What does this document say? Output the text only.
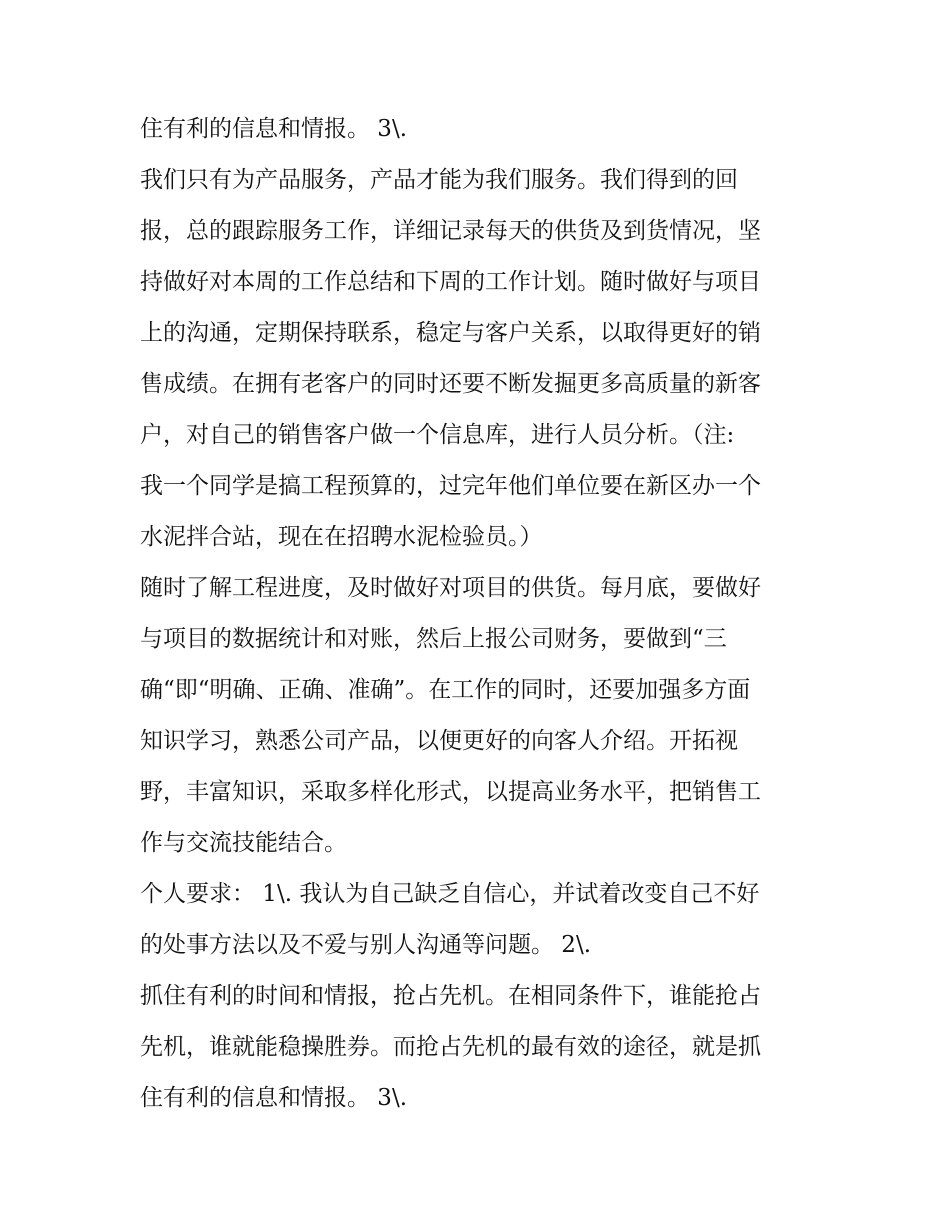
住有利的信息和情报。 3\.
我们只有为产品服务，产品才能为我们服务。我们得到的回
报，总的跟踪服务工作，详细记录每天的供货及到货情况，坚
持做好对本周的工作总结和下周的工作计划。随时做好与项目
上的沟通，定期保持联系，稳定与客户关系，以取得更好的销
售成绩。在拥有老客户的同时还要不断发掘更多高质量的新客
户，对自己的销售客户做一个信息库，进行人员分析。（注:
我一个同学是搞工程预算的，过完年他们单位要在新区办一个
水泥拌合站，现在在招聘水泥检验员。）
随时了解工程进度，及时做好对项目的供货。每月底，要做好
与项目的数据统计和对账，然后上报公司财务，要做到“三
确“即“明确、正确、准确”。在工作的同时，还要加强多方面
知识学习，熟悉公司产品，以便更好的向客人介绍。开拓视
野，丰富知识，采取多样化形式，以提高业务水平，把销售工
作与交流技能结合。
个人要求： 1\. 我认为自己缺乏自信心，并试着改变自己不好
的处事方法以及不爱与别人沟通等问题。 2\.
抓住有利的时间和情报，抢占先机。在相同条件下，谁能抢占
先机，谁就能稳操胜券。而抢占先机的最有效的途径，就是抓
住有利的信息和情报。 3\.
